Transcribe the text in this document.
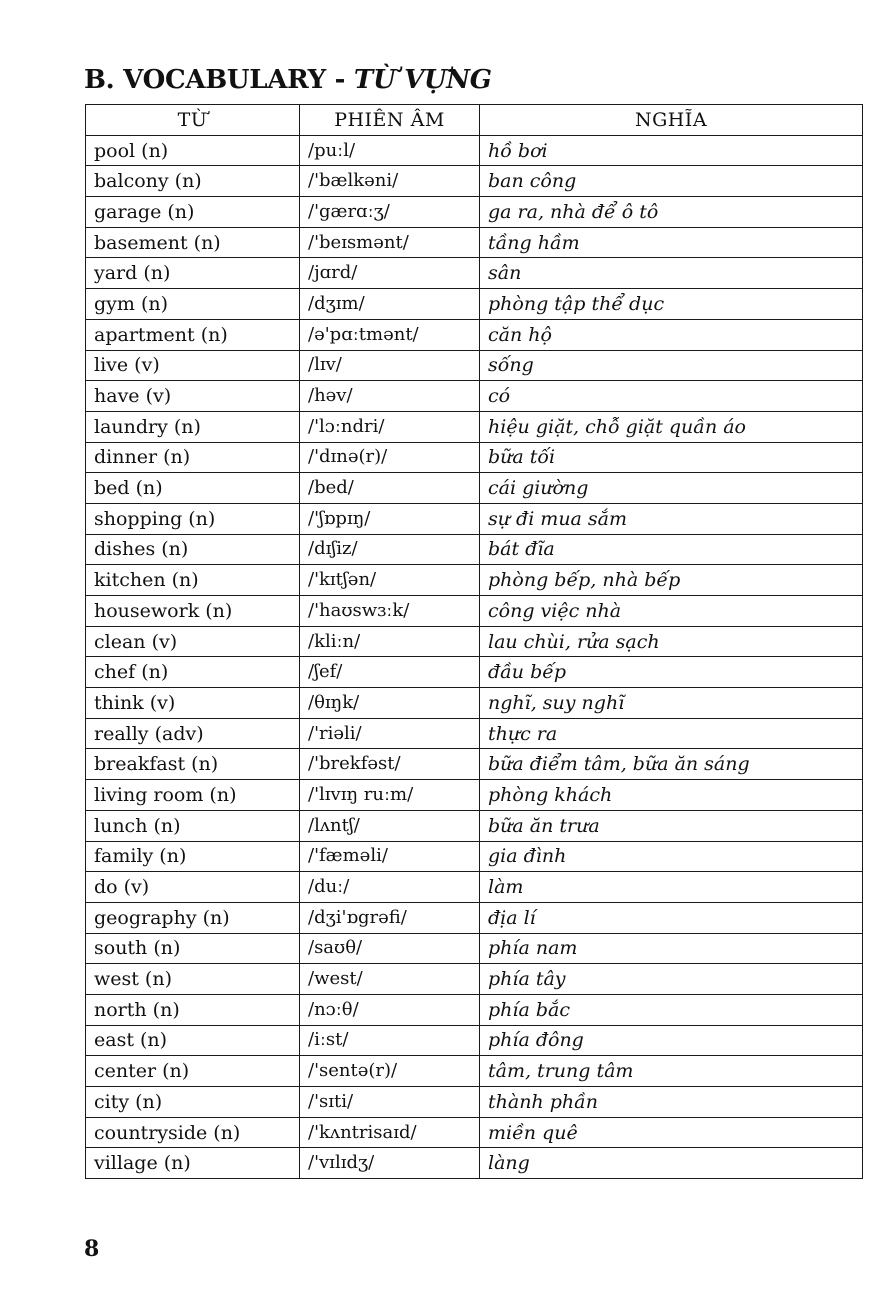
B. VOCABULARY - TỪ VỰNG
TỪ	PHIÊN ÂM	NGHĨA
pool (n)	/puːl/	hồ bơi
balcony (n)	/'bælkəni/	ban công
garage (n)	/'gærɑːʒ/	ga ra, nhà để ô tô
basement (n)	/'beɪsmənt/	tầng hầm
yard (n)	/jɑrd/	sân
gym (n)	/dʒɪm/	phòng tập thể dục
apartment (n)	/ə'pɑːtmənt/	căn hộ
live (v)	/lɪv/	sống
have (v)	/həv/	có
laundry (n)	/'lɔːndri/	hiệu giặt, chỗ giặt quần áo
dinner (n)	/'dɪnə(r)/	bữa tối
bed (n)	/bed/	cái giường
shopping (n)	/'ʃɒpɪŋ/	sự đi mua sắm
dishes (n)	/dɪʃiz/	bát đĩa
kitchen (n)	/'kɪtʃən/	phòng bếp, nhà bếp
housework (n)	/'haʊswɜːk/	công việc nhà
clean (v)	/kliːn/	lau chùi, rửa sạch
chef (n)	/ʃef/	đầu bếp
think (v)	/θɪŋk/	nghĩ, suy nghĩ
really (adv)	/'riəli/	thực ra
breakfast (n)	/'brekfəst/	bữa điểm tâm, bữa ăn sáng
living room (n)	/'lɪvɪŋ ruːm/	phòng khách
lunch (n)	/lʌntʃ/	bữa ăn trưa
family (n)	/'fæməli/	gia đình
do (v)	/duː/	làm
geography (n)	/dʒi'ɒgrəfi/	địa lí
south (n)	/saʊθ/	phía nam
west (n)	/west/	phía tây
north (n)	/nɔːθ/	phía bắc
east (n)	/iːst/	phía đông
center (n)	/'sentə(r)/	tâm, trung tâm
city (n)	/'sɪti/	thành phần
countryside (n)	/'kʌntrisaɪd/	miền quê
village (n)	/'vɪlɪdʒ/	làng
8
